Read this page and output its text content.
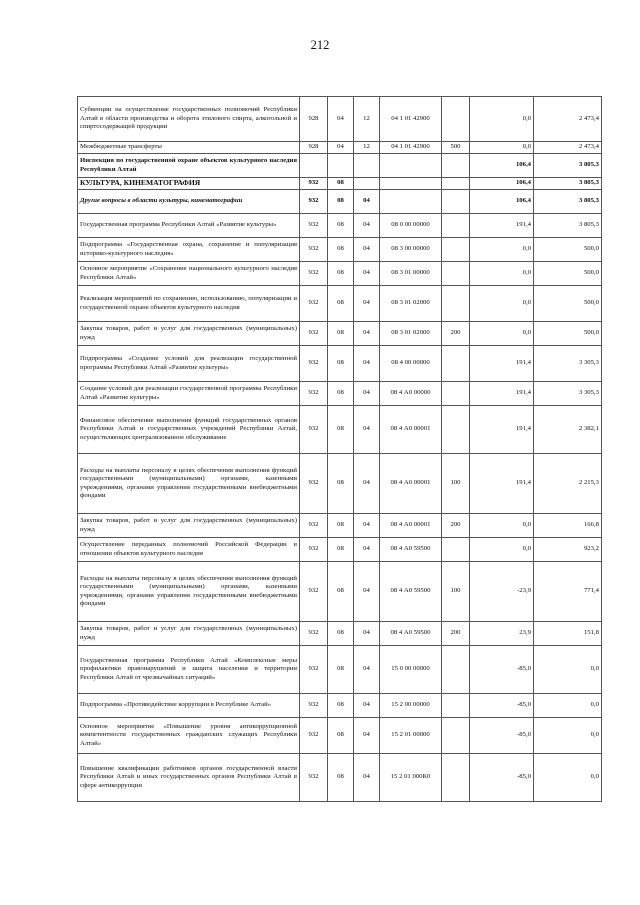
212
Субвенции на осуществление государственных полномочий Республики Алтай в области производства и оборота этилового спирта, алкогольной и спиртосодержащей продукции	928	04	12	04 1 01 42900		0,0	2 473,4
Межбюджетные трансферты	928	04	12	04 1 01 42900	500	0,0	2 473,4
Инспекция по государственной охране объектов культурного наследия Республики Алтай						106,4	3 805,3
КУЛЬТУРА, КИНЕМАТОГРАФИЯ	932	08				106,4	3 805,3
Другие вопросы в области культуры, кинематографии	932	08	04			106,4	3 805,3
Государственная программа Республики Алтай «Развитие культуры»	932	08	04	08 0 00 00000		191,4	3 805,3
Подпрограмма «Государственная охрана, сохранение и популяризация историко-культурного наследия»	932	08	04	08 3 00 00000		0,0	500,0
Основное мероприятие «Сохранение национального культурного наследия Республики Алтай»	932	08	04	08 3 01 00000		0,0	500,0
Реализация мероприятий по сохранению, использованию, популяризации и государственной охране объектов культурного наследия	932	08	04	08 3 01 02000		0,0	500,0
Закупка товаров, работ и услуг для государственных (муниципальных) нужд	932	08	04	08 3 01 02000	200	0,0	500,0
Подпрограмма «Создание условий для реализации государственной программы Республики Алтай «Развитие культуры»	932	08	04	08 4 00 00000		191,4	3 305,3
Создание условий для реализации государственной программы Республики Алтай «Развитие культуры»	932	08	04	08 4 А0 00000		191,4	3 305,3
Финансовое обеспечение выполнения функций государственных органов Республики Алтай и государственных учреждений Республики Алтай, осуществляющих централизованное обслуживание	932	08	04	08 4 А0 00001		191,4	2 382,1
Расходы на выплаты персоналу в целях обеспечения выполнения функций государственными (муниципальными) органами, казенными учреждениями, органами управления государственными внебюджетными фондами	932	08	04	08 4 А0 00001	100	191,4	2 215,3
Закупка товаров, работ и услуг для государственных (муниципальных) нужд	932	08	04	08 4 А0 00001	200	0,0	166,8
Осуществление переданных полномочий Российской Федерации в отношении объектов культурного наследия	932	08	04	08 4 А0 59500		0,0	923,2
Расходы на выплаты персоналу в целях обеспечения выполнения функций государственными (муниципальными) органами, казенными учреждениями, органами управления государственными внебюджетными фондами	932	08	04	08 4 А0 59500	100	-23,9	771,4
Закупка товаров, работ и услуг для государственных (муниципальных) нужд	932	08	04	08 4 А0 59500	200	23,9	151,8
Государственная программа Республики Алтай «Комплексные меры профилактики правонарушений и защита населения и территории Республики Алтай от чрезвычайных ситуаций»	932	08	04	15 0 00 00000		-85,0	0,0
Подпрограмма «Противодействие коррупции в Республике Алтай»	932	08	04	15 2 00 00000		-85,0	0,0
Основное мероприятие «Повышение уровня антикоррупционной компетентности государственных гражданских служащих Республики Алтай»	932	08	04	15 2 01 00000		-85,0	0,0
Повышение квалификации работников органов государственной власти Республики Алтай и иных государственных органов Республики Алтай в сфере антикоррупции	932	08	04	15 2 01 000К0		-85,0	0,0
